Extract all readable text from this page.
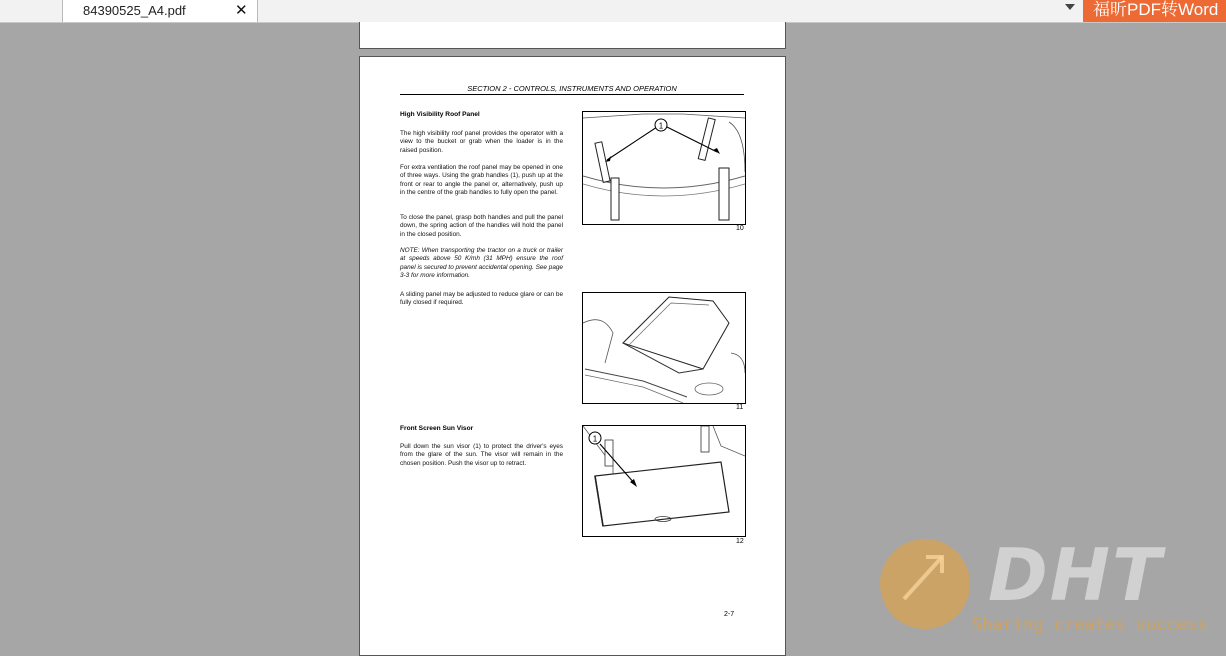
84390525_A4.pdf	✕	福昕PDF转Word
SECTION 2 - CONTROLS, INSTRUMENTS AND OPERATION
High Visibility Roof Panel
The high visibility roof panel provides the operator with a view to the bucket or grab when the loader is in the raised position.
For extra ventilation the roof panel may be opened in one of three ways. Using the grab handles (1), push up at the front or rear to angle the panel or, alternatively, push up in the centre of the grab handles to fully open the panel.
To close the panel, grasp both handles and pull the panel down, the spring action of the handles will hold the panel in the closed position.
NOTE: When transporting the tractor on a truck or trailer at speeds above 50 K/mh (31 MPH) ensure the roof panel is secured to prevent accidental opening. See page 3-3 for more information.
A sliding panel may be adjusted to reduce glare or can be fully closed if required.
Front Screen Sun Visor
Pull down the sun visor (1) to protect the driver's eyes from the glare of the sun. The visor will remain in the chosen position. Push the visor up to retract.
1
10
11
1
12
2-7	DHT
Sharing creates success
